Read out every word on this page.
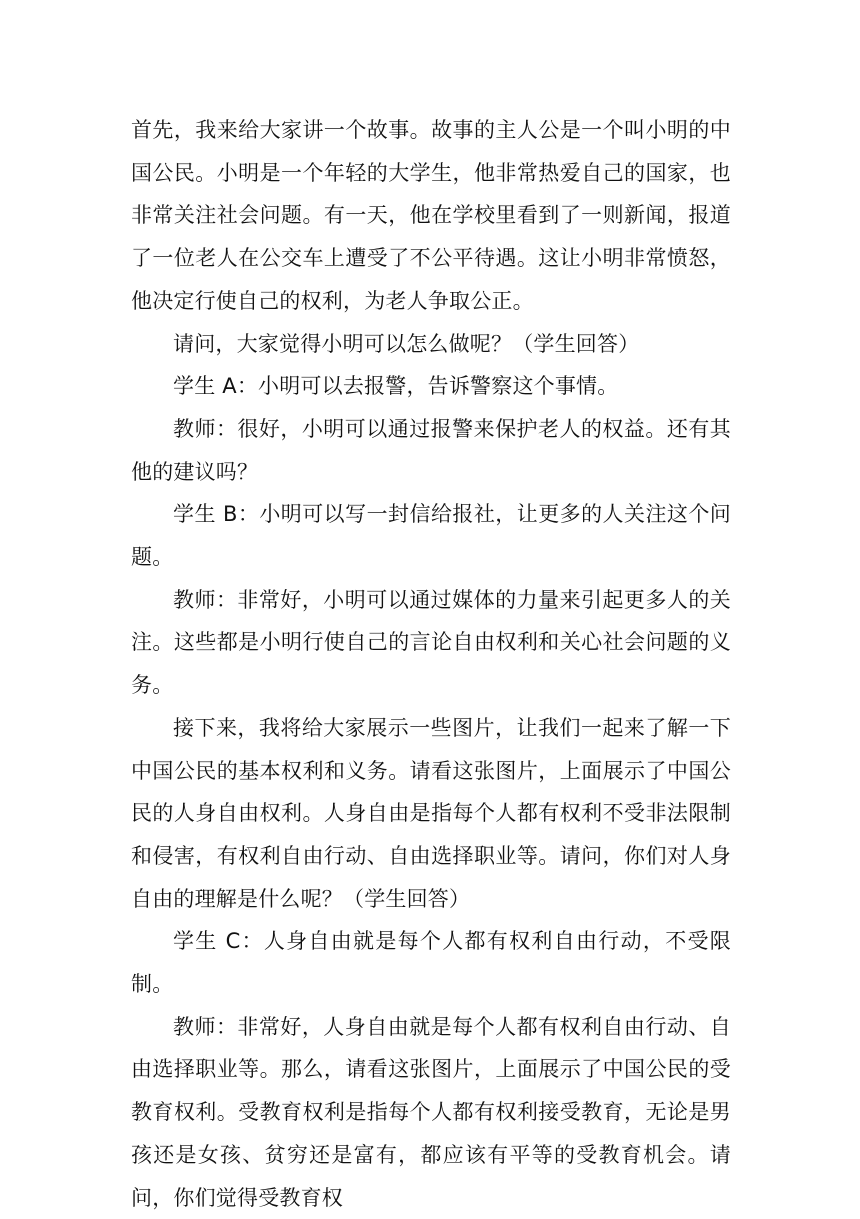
首先，我来给大家讲一个故事。故事的主人公是一个叫小明的中国公民。小明是一个年轻的大学生，他非常热爱自己的国家，也非常关注社会问题。有一天，他在学校里看到了一则新闻，报道了一位老人在公交车上遭受了不公平待遇。这让小明非常愤怒，他决定行使自己的权利，为老人争取公正。

请问，大家觉得小明可以怎么做呢？（学生回答）

学生 A：小明可以去报警，告诉警察这个事情。

教师：很好，小明可以通过报警来保护老人的权益。还有其他的建议吗？

学生 B：小明可以写一封信给报社，让更多的人关注这个问题。

教师：非常好，小明可以通过媒体的力量来引起更多人的关注。这些都是小明行使自己的言论自由权利和关心社会问题的义务。

接下来，我将给大家展示一些图片，让我们一起来了解一下中国公民的基本权利和义务。请看这张图片，上面展示了中国公民的人身自由权利。人身自由是指每个人都有权利不受非法限制和侵害，有权利自由行动、自由选择职业等。请问，你们对人身自由的理解是什么呢？（学生回答）

学生 C：人身自由就是每个人都有权利自由行动，不受限制。

教师：非常好，人身自由就是每个人都有权利自由行动、自由选择职业等。那么，请看这张图片，上面展示了中国公民的受教育权利。受教育权利是指每个人都有权利接受教育，无论是男孩还是女孩、贫穷还是富有，都应该有平等的受教育机会。请问，你们觉得受教育权
